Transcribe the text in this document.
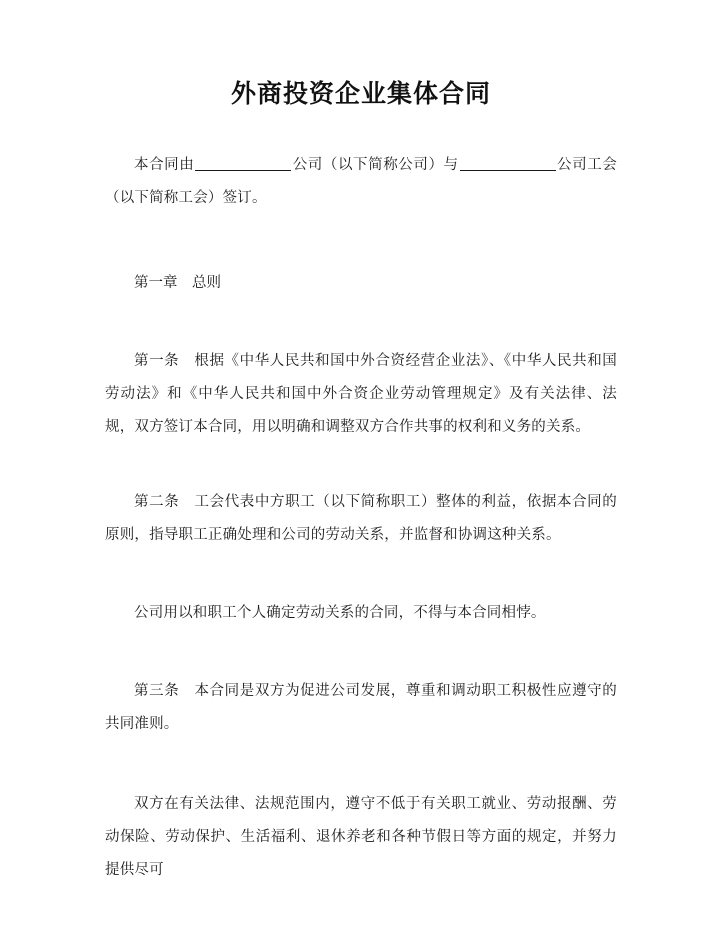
外商投资企业集体合同

本合同由	公司（以下简称公司）与	公司工会（以下简称工会）签订。

第一章　 总则

第一条　 根据《中华人民共和国中外合资经营企业法》、《中华人民共和国劳动法》和《中华人民共和国中外合资企业劳动管理规定》及有关法律、法规，双方签订本合同，用以明确和调整双方合作共事的权利和义务的关系。

第二条　 工会代表中方职工（以下简称职工）整体的利益，依据本合同的原则，指导职工正确处理和公司的劳动关系，并监督和协调这种关系。

公司用以和职工个人确定劳动关系的合同，不得与本合同相悖。

第三条　 本合同是双方为促进公司发展，尊重和调动职工积极性应遵守的共同准则。

双方在有关法律、法规范围内，遵守不低于有关职工就业、劳动报酬、劳动保险、劳动保护、生活福利、退休养老和各种节假日等方面的规定，并努力提供尽可
